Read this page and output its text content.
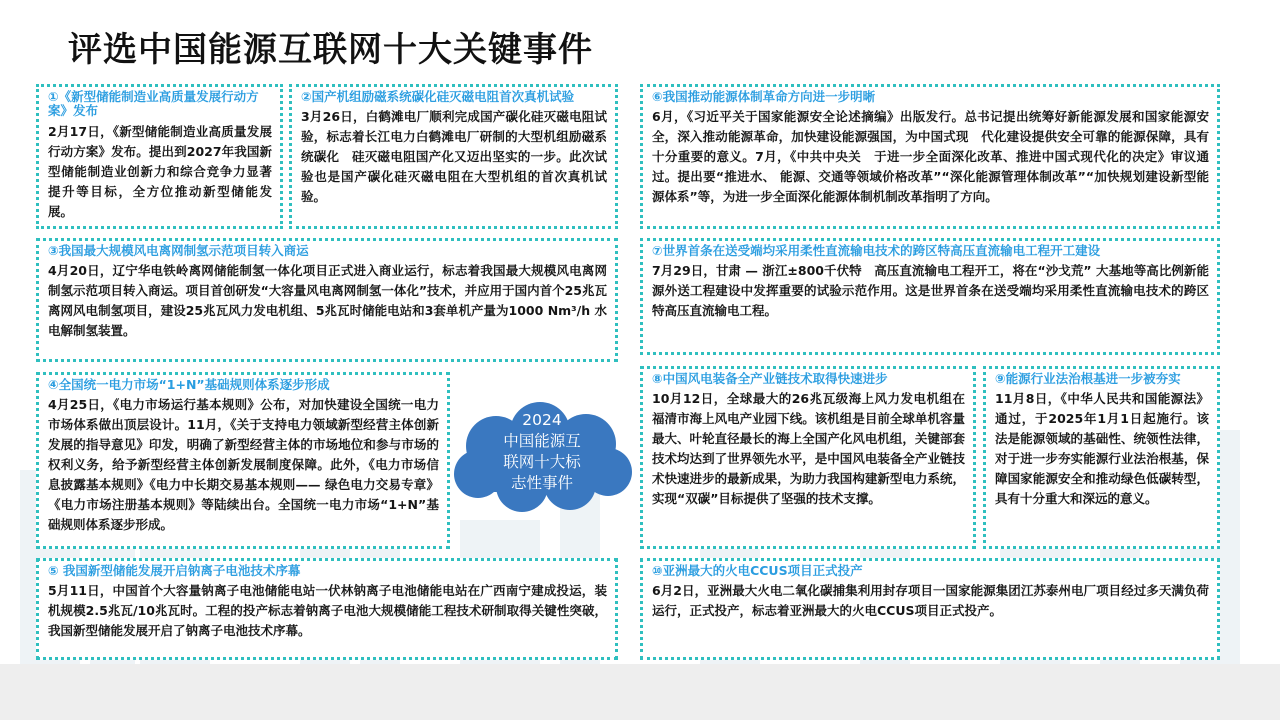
评选中国能源互联网十大关键事件
①《新型储能制造业高质量发展行动方案》发布

2月17日，《新型储能制造业高质量发展行动方案》发布。提出到2027年我国新型储能制造业创新力和综合竞争力显著提升等目标，全方位推动新型储能发展。

②国产机组励磁系统碳化硅灭磁电阻首次真机试验

3月26日，白鹤滩电厂顺利完成国产碳化硅灭磁电阻试验，标志着长江电力白鹤滩电厂研制的大型机组励磁系统碳化　硅灭磁电阻国产化又迈出坚实的一步。此次试验也是国产碳化硅灭磁电阻在大型机组的首次真机试验。

③我国最大规模风电离网制氢示范项目转入商运

4月20日，辽宁华电铁岭离网储能制氢一体化项目正式进入商业运行，标志着我国最大规模风电离网制氢示范项目转入商运。项目首创研发“大容量风电离网制氢一体化”技术，并应用于国内首个25兆瓦离网风电制氢项目，建设25兆瓦风力发电机组、5兆瓦时储能电站和3套单机产量为1000 Nm³/h 水电解制氢装置。

④全国统一电力市场“1+N”基础规则体系逐步形成

4月25日，《电力市场运行基本规则》公布，对加快建设全国统一电力市场体系做出顶层设计。11月，《关于支持电力领域新型经营主体创新发展的指导意见》印发，明确了新型经营主体的市场地位和参与市场的权利义务，给予新型经营主体创新发展制度保障。此外，《电力市场信息披露基本规则》《电力中长期交易基本规则—— 绿色电力交易专章》《电力市场注册基本规则》等陆续出台。全国统一电力市场“1+N”基础规则体系逐步形成。

⑤ 我国新型储能发展开启钠离子电池技术序幕

5月11日，中国首个大容量钠离子电池储能电站一伏林钠离子电池储能电站在广西南宁建成投运，装机规模2.5兆瓦/10兆瓦时。工程的投产标志着钠离子电池大规模储能工程技术研制取得关键性突破，我国新型储能发展开启了钠离子电池技术序幕。

⑥我国推动能源体制革命方向进一步明晰

6月，《习近平关于国家能源安全论述摘编》出版发行。总书记提出统筹好新能源发展和国家能源安全，深入推动能源革命，加快建设能源强国，为中国式现　代化建设提供安全可靠的能源保障，具有十分重要的意义。7月，《中共中央关　于进一步全面深化改革、推进中国式现代化的决定》审议通过。提出要“推进水、 能源、交通等领域价格改革”“深化能源管理体制改革”“加快规划建设新型能源体系”等，为进一步全面深化能源体制机制改革指明了方向。

⑦世界首条在送受端均采用柔性直流输电技术的跨区特高压直流输电工程开工建设

7月29日，甘肃 — 浙江±800千伏特　高压直流输电工程开工，将在“沙戈荒” 大基地等高比例新能源外送工程建设中发挥重要的试验示范作用。这是世界首条在送受端均采用柔性直流输电技术的跨区特高压直流输电工程。

⑧中国风电装备全产业链技术取得快速进步

10月12日，全球最大的26兆瓦级海上风力发电机组在福清市海上风电产业园下线。该机组是目前全球单机容量最大、叶轮直径最长的海上全国产化风电机组，关键部套技术均达到了世界领先水平，是中国风电装备全产业链技术快速进步的最新成果，为助力我国构建新型电力系统，实现“双碳”目标提供了坚强的技术支撑。

⑨能源行业法治根基进一步被夯实

11月8日，《中华人民共和国能源法》通过，于2025年1月1日起施行。该法是能源领域的基础性、统领性法律，对于进一步夯实能源行业法治根基，保障国家能源安全和推动绿色低碳转型，具有十分重大和深远的意义。

⑩亚洲最大的火电CCUS项目正式投产

6月2日，亚洲最大火电二氧化碳捕集利用封存项目一国家能源集团江苏泰州电厂项目经过多天满负荷运行，正式投产，标志着亚洲最大的火电CCUS项目正式投产。

2024
中国能源互
联网十大标
志性事件
